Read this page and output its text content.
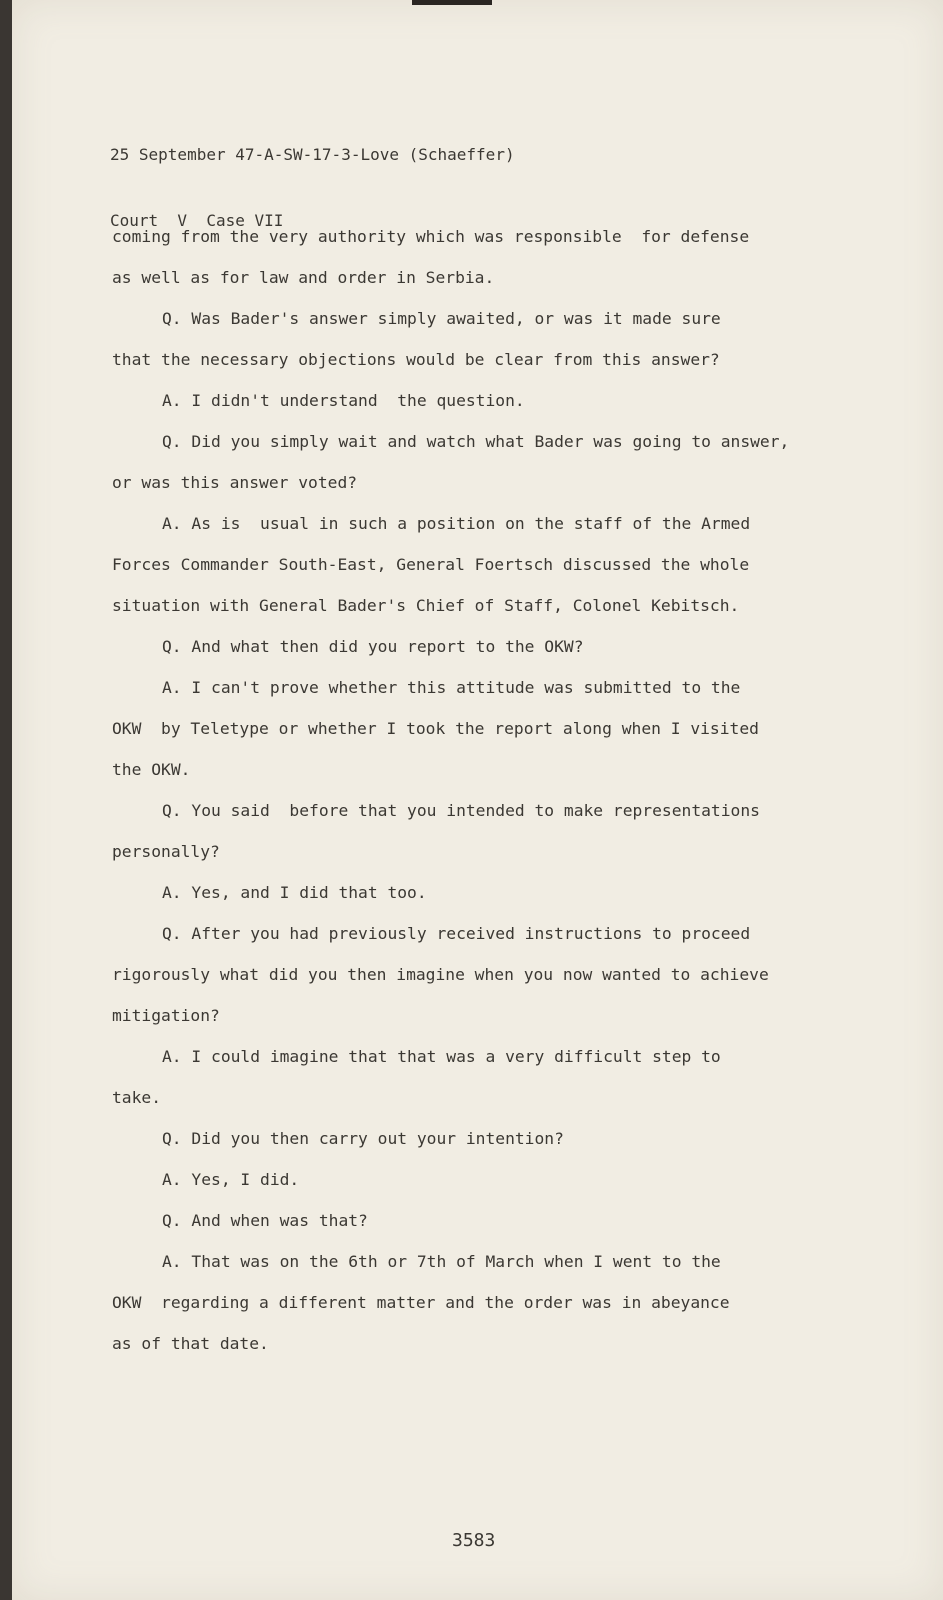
25 September 47-A-SW-17-3-Love (Schaeffer)

Court  V  Case VII

coming from the very authority which was responsible  for defense
as well as for law and order in Serbia.
Q. Was Bader's answer simply awaited, or was it made sure
that the necessary objections would be clear from this answer?
A. I didn't understand  the question.
Q. Did you simply wait and watch what Bader was going to answer,
or was this answer voted?
A. As is  usual in such a position on the staff of the Armed
Forces Commander South-East, General Foertsch discussed the whole
situation with General Bader's Chief of Staff, Colonel Kebitsch.
Q. And what then did you report to the OKW?
A. I can't prove whether this attitude was submitted to the
OKW  by Teletype or whether I took the report along when I visited
the OKW.
Q. You said  before that you intended to make representations
personally?
A. Yes, and I did that too.
Q. After you had previously received instructions to proceed
rigorously what did you then imagine when you now wanted to achieve
mitigation?
A. I could imagine that that was a very difficult step to
take.
Q. Did you then carry out your intention?
A. Yes, I did.
Q. And when was that?
A. That was on the 6th or 7th of March when I went to the
OKW  regarding a different matter and the order was in abeyance
as of that date.
3583
